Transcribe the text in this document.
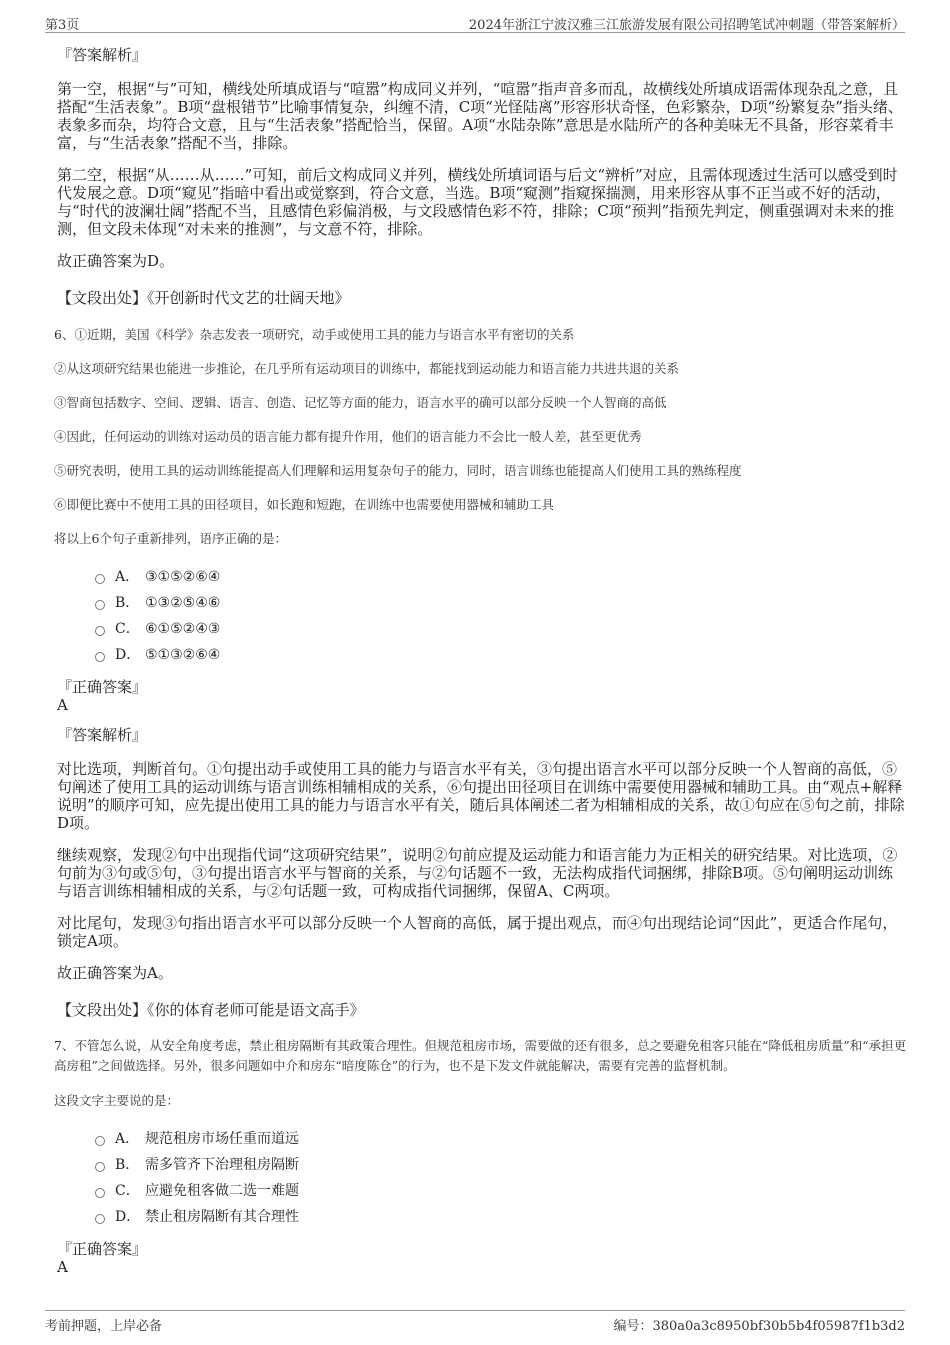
第3页	2024年浙江宁波汉雅三江旅游发展有限公司招聘笔试冲刺题（带答案解析）
『答案解析』

第一空，根据“与”可知，横线处所填成语与“喧嚣”构成同义并列，“喧嚣”指声音多而乱，故横线处所填成语需体现杂乱之意，且搭配“生活表象”。B项“盘根错节”比喻事情复杂，纠缠不清，C项“光怪陆离”形容形状奇怪，色彩繁杂，D项“纷繁复杂”指头绪、表象多而杂，均符合文意，且与“生活表象”搭配恰当，保留。A项“水陆杂陈”意思是水陆所产的各种美味无不具备，形容菜肴丰富，与“生活表象”搭配不当，排除。

第二空，根据“从……从……”可知，前后文构成同义并列，横线处所填词语与后文“辨析”对应，且需体现透过生活可以感受到时代发展之意。D项“窥见”指暗中看出或觉察到，符合文意，当选。B项“窥测”指窥探揣测，用来形容从事不正当或不好的活动，与“时代的波澜壮阔”搭配不当，且感情色彩偏消极，与文段感情色彩不符，排除；C项“预判”指预先判定，侧重强调对未来的推测，但文段未体现“对未来的推测”，与文意不符，排除。

故正确答案为D。

【文段出处】《开创新时代文艺的壮阔天地》

6、①近期，美国《科学》杂志发表一项研究，动手或使用工具的能力与语言水平有密切的关系
②从这项研究结果也能进一步推论，在几乎所有运动项目的训练中，都能找到运动能力和语言能力共进共退的关系
③智商包括数字、空间、逻辑、语言、创造、记忆等方面的能力，语言水平的确可以部分反映一个人智商的高低
④因此，任何运动的训练对运动员的语言能力都有提升作用，他们的语言能力不会比一般人差，甚至更优秀
⑤研究表明，使用工具的运动训练能提高人们理解和运用复杂句子的能力，同时，语言训练也能提高人们使用工具的熟练程度
⑥即便比赛中不使用工具的田径项目，如长跑和短跑，在训练中也需要使用器械和辅助工具
将以上6个句子重新排列，语序正确的是：
A． ③①⑤②⑥④
B． ①③②⑤④⑥
C． ⑥①⑤②④③
D． ⑤①③②⑥④
『正确答案』
A
『答案解析』

对比选项，判断首句。①句提出动手或使用工具的能力与语言水平有关，③句提出语言水平可以部分反映一个人智商的高低，⑤句阐述了使用工具的运动训练与语言训练相辅相成的关系，⑥句提出田径项目在训练中需要使用器械和辅助工具。由“观点+解释说明”的顺序可知，应先提出使用工具的能力与语言水平有关，随后具体阐述二者为相辅相成的关系，故①句应在⑤句之前，排除D项。

继续观察，发现②句中出现指代词“这项研究结果”，说明②句前应提及运动能力和语言能力为正相关的研究结果。对比选项，②句前为③句或⑤句，③句提出语言水平与智商的关系，与②句话题不一致，无法构成指代词捆绑，排除B项。⑤句阐明运动训练与语言训练相辅相成的关系，与②句话题一致，可构成指代词捆绑，保留A、C两项。

对比尾句，发现③句指出语言水平可以部分反映一个人智商的高低，属于提出观点，而④句出现结论词“因此”，更适合作尾句，锁定A项。

故正确答案为A。

【文段出处】《你的体育老师可能是语文高手》

7、不管怎么说，从安全角度考虑，禁止租房隔断有其政策合理性。但规范租房市场，需要做的还有很多，总之要避免租客只能在“降低租房质量”和“承担更高房租”之间做选择。另外，很多问题如中介和房东“暗度陈仓”的行为，也不是下发文件就能解决，需要有完善的监督机制。
这段文字主要说的是：
A． 规范租房市场任重而道远
B． 需多管齐下治理租房隔断
C． 应避免租客做二选一难题
D． 禁止租房隔断有其合理性
『正确答案』
A
考前押题，上岸必备	编号：380a0a3c8950bf30b5b4f05987f1b3d2
